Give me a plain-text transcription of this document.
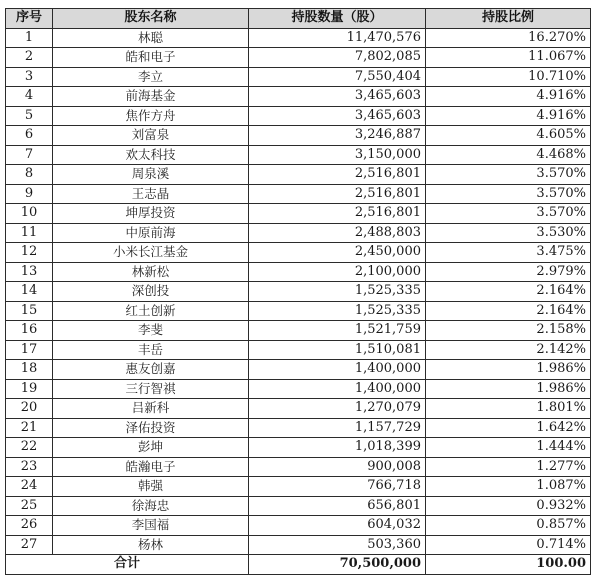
序号	股东名称	持股数量（股）	持股比例
1	林聪	11,470,576	16.270%
2	皓和电子	7,802,085	11.067%
3	李立	7,550,404	10.710%
4	前海基金	3,465,603	4.916%
5	焦作方舟	3,465,603	4.916%
6	刘富泉	3,246,887	4.605%
7	欢太科技	3,150,000	4.468%
8	周泉溪	2,516,801	3.570%
9	王志晶	2,516,801	3.570%
10	坤厚投资	2,516,801	3.570%
11	中原前海	2,488,803	3.530%
12	小米长江基金	2,450,000	3.475%
13	林新松	2,100,000	2.979%
14	深创投	1,525,335	2.164%
15	红土创新	1,525,335	2.164%
16	李斐	1,521,759	2.158%
17	丰岳	1,510,081	2.142%
18	惠友创嘉	1,400,000	1.986%
19	三行智祺	1,400,000	1.986%
20	吕新科	1,270,079	1.801%
21	泽佑投资	1,157,729	1.642%
22	彭坤	1,018,399	1.444%
23	皓瀚电子	900,008	1.277%
24	韩强	766,718	1.087%
25	徐海忠	656,801	0.932%
26	李国福	604,032	0.857%
27	杨林	503,360	0.714%
合计		70,500,000	100.00
